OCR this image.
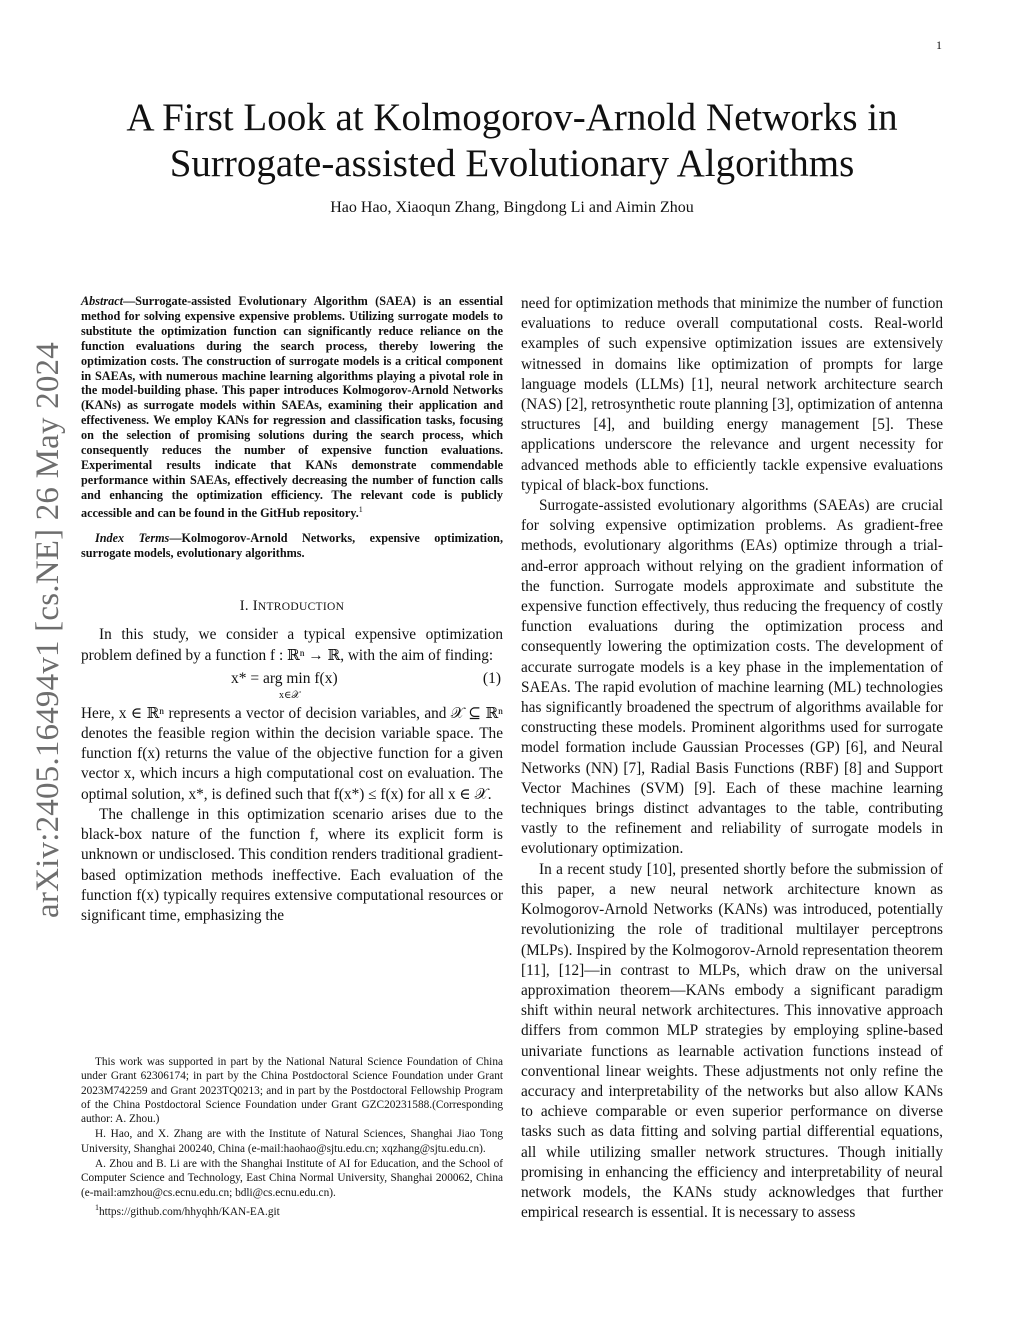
1
arXiv:2405.16494v1 [cs.NE] 26 May 2024
A First Look at Kolmogorov-Arnold Networks in
Surrogate-assisted Evolutionary Algorithms
Hao Hao, Xiaoqun Zhang, Bingdong Li and Aimin Zhou

Abstract—Surrogate-assisted Evolutionary Algorithm (SAEA) is an essential method for solving expensive expensive problems. Utilizing surrogate models to substitute the optimization function can significantly reduce reliance on the function evaluations during the search process, thereby lowering the optimization costs. The construction of surrogate models is a critical component in SAEAs, with numerous machine learning algorithms playing a pivotal role in the model-building phase. This paper introduces Kolmogorov-Arnold Networks (KANs) as surrogate models within SAEAs, examining their application and effectiveness. We employ KANs for regression and classification tasks, focusing on the selection of promising solutions during the search process, which consequently reduces the number of expensive function evaluations. Experimental results indicate that KANs demonstrate commendable performance within SAEAs, effectively decreasing the number of function calls and enhancing the optimization efficiency. The relevant code is publicly accessible and can be found in the GitHub repository.$^1$

Index Terms—Kolmogorov-Arnold Networks, expensive optimization, surrogate models, evolutionary algorithms.

I. INTRODUCTION

In this study, we consider a typical expensive optimization problem defined by a function f : ℝⁿ → ℝ, with the aim of finding:

x* = arg min f(x)
x∈𝒳
(1)

Here, x ∈ ℝⁿ represents a vector of decision variables, and 𝒳 ⊆ ℝⁿ denotes the feasible region within the decision variable space. The function f(x) returns the value of the objective function for a given vector x, which incurs a high computational cost on evaluation. The optimal solution, x*, is defined such that f(x*) ≤ f(x) for all x ∈ 𝒳.

The challenge in this optimization scenario arises due to the black-box nature of the function f, where its explicit form is unknown or undisclosed. This condition renders traditional gradient-based optimization methods ineffective. Each evaluation of the function f(x) typically requires extensive computational resources or significant time, emphasizing the

This work was supported in part by the National Natural Science Foundation of China under Grant 62306174; in part by the China Postdoctoral Science Foundation under Grant 2023M742259 and Grant 2023TQ0213; and in part by the Postdoctoral Fellowship Program of the China Postdoctoral Science Foundation under Grant GZC20231588.(Corresponding author: A. Zhou.)

H. Hao, and X. Zhang are with the Institute of Natural Sciences, Shanghai Jiao Tong University, Shanghai 200240, China (e-mail:haohao@sjtu.edu.cn; xqzhang@sjtu.edu.cn).

A. Zhou and B. Li are with the Shanghai Institute of AI for Education, and the School of Computer Science and Technology, East China Normal University, Shanghai 200062, China (e-mail:amzhou@cs.ecnu.edu.cn; bdli@cs.ecnu.edu.cn).

$^1$https://github.com/hhyqhh/KAN-EA.git

need for optimization methods that minimize the number of function evaluations to reduce overall computational costs. Real-world examples of such expensive optimization issues are extensively witnessed in domains like optimization of prompts for large language models (LLMs) [1], neural network architecture search (NAS) [2], retrosynthetic route planning [3], optimization of antenna structures [4], and building energy management [5]. These applications underscore the relevance and urgent necessity for advanced methods able to efficiently tackle expensive evaluations typical of black-box functions.

Surrogate-assisted evolutionary algorithms (SAEAs) are crucial for solving expensive optimization problems. As gradient-free methods, evolutionary algorithms (EAs) optimize through a trial-and-error approach without relying on the gradient information of the function. Surrogate models approximate and substitute the expensive function effectively, thus reducing the frequency of costly function evaluations during the optimization process and consequently lowering the optimization costs. The development of accurate surrogate models is a key phase in the implementation of SAEAs. The rapid evolution of machine learning (ML) technologies has significantly broadened the spectrum of algorithms available for constructing these models. Prominent algorithms used for surrogate model formation include Gaussian Processes (GP) [6], and Neural Networks (NN) [7], Radial Basis Functions (RBF) [8] and Support Vector Machines (SVM) [9]. Each of these machine learning techniques brings distinct advantages to the table, contributing vastly to the refinement and reliability of surrogate models in evolutionary optimization.

In a recent study [10], presented shortly before the submission of this paper, a new neural network architecture known as Kolmogorov-Arnold Networks (KANs) was introduced, potentially revolutionizing the role of traditional multilayer perceptrons (MLPs). Inspired by the Kolmogorov-Arnold representation theorem [11], [12]—in contrast to MLPs, which draw on the universal approximation theorem—KANs embody a significant paradigm shift within neural network architectures. This innovative approach differs from common MLP strategies by employing spline-based univariate functions as learnable activation functions instead of conventional linear weights. These adjustments not only refine the accuracy and interpretability of the networks but also allow KANs to achieve comparable or even superior performance on diverse tasks such as data fitting and solving partial differential equations, all while utilizing smaller network structures. Though initially promising in enhancing the efficiency and interpretability of neural network models, the KANs study acknowledges that further empirical research is essential. It is necessary to assess
